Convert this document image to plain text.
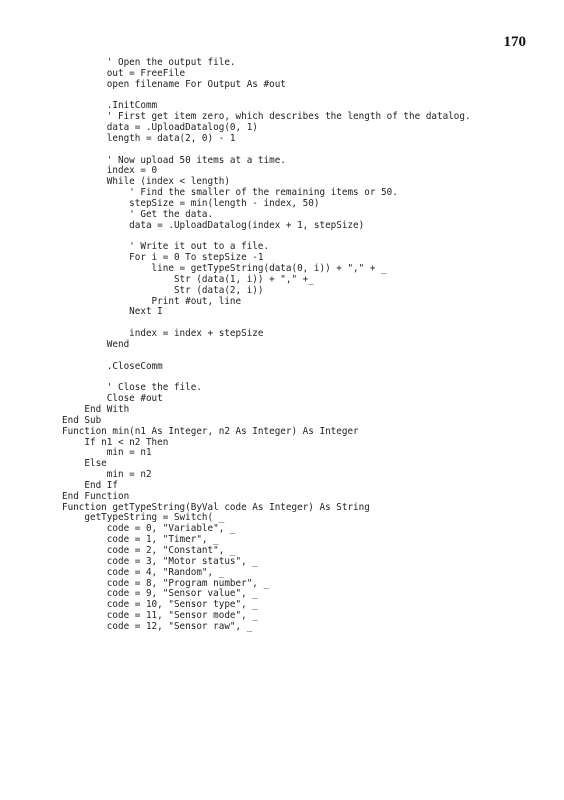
170
' Open the output file.
out = FreeFile
open filename For Output As #out
.InitComm
' First get item zero, which describes the length of the datalog.
data = .UploadDatalog(0, 1)
length = data(2, 0) - 1
' Now upload 50 items at a time.
index = 0
While (index < length)
' Find the smaller of the remaining items or 50.
stepSize = min(length - index, 50)
' Get the data.
data = .UploadDatalog(index + 1, stepSize)
' Write it out to a file.
For i = 0 To stepSize -1
line = getTypeString(data(0, i)) + "," + _
Str (data(1, i)) + "," +_
Str (data(2, i))
Print #out, line
Next I
index = index + stepSize
Wend
.CloseComm
' Close the file.
Close #out
End With
End Sub
Function min(n1 As Integer, n2 As Integer) As Integer
If n1 < n2 Then
min = n1
Else
min = n2
End If
End Function
Function getTypeString(ByVal code As Integer) As String
getTypeString = Switch( _
code = 0, "Variable", _
code = 1, "Timer", _
code = 2, "Constant", _
code = 3, "Motor status", _
code = 4, "Random", _
code = 8, "Program number", _
code = 9, "Sensor value", _
code = 10, "Sensor type", _
code = 11, "Sensor mode", _
code = 12, "Sensor raw", _
